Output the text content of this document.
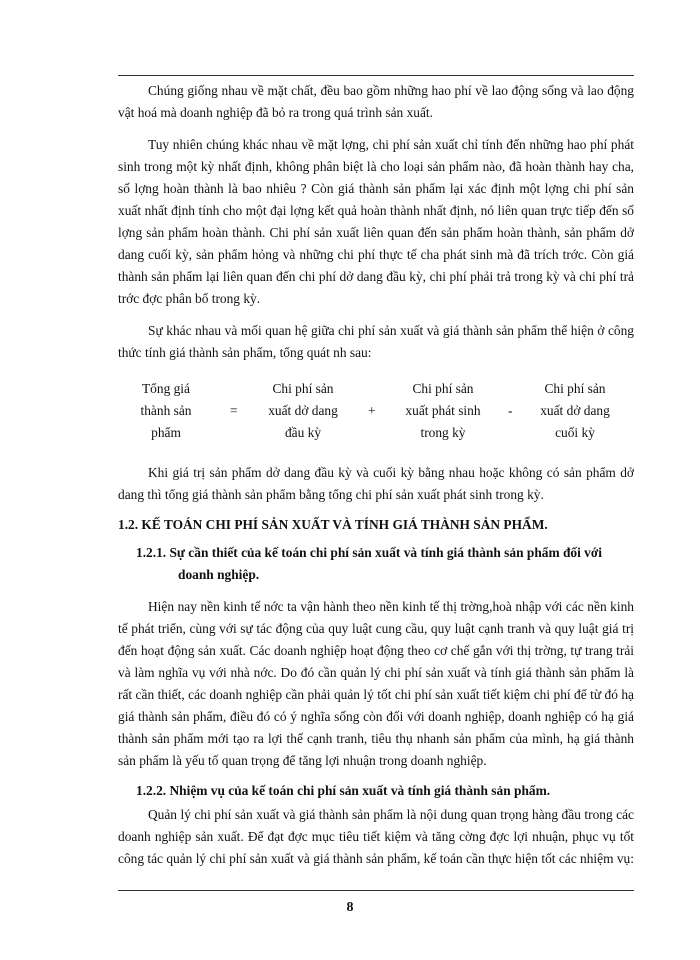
Chúng giống nhau về mặt chất, đều bao gồm những hao phí về lao động sống và lao động vật hoá mà doanh nghiệp đã bỏ ra trong quá trình sản xuất.

Tuy nhiên chúng khác nhau về mặt lợng, chi phí sản xuất chỉ tính đến những hao phí phát sinh trong một kỳ nhất định, không phân biệt là cho loại sản phẩm nào, đã hoàn thành hay cha, số lợng hoàn thành là bao nhiêu ? Còn giá thành sản phẩm lại xác định một lợng chi phí sản xuất nhất định tính cho một đại lợng kết quả hoàn thành nhất định, nó liên quan trực tiếp đến số lợng sản phẩm hoàn thành. Chi phí sản xuất liên quan đến sản phẩm hoàn thành, sản phẩm dở dang cuối kỳ, sản phẩm hỏng và những chi phí thực tế cha phát sinh mà đã trích trớc. Còn giá thành sản phẩm lại liên quan đến chi phí dở dang đầu kỳ, chi phí phải trả trong kỳ và chi phí trả trớc đợc phân bổ trong kỳ.

Sự khác nhau và mối quan hệ giữa chi phí sản xuất và giá thành sản phẩm thể hiện ở công thức tính giá thành sản phẩm, tổng quát nh sau:

Tổng giá
thành sản
phẩm
=
Chi phí sản
xuất dở dang
đầu kỳ
+
Chi phí sản
xuất phát sinh
trong kỳ
-
Chi phí sản
xuất dở dang
cuối kỳ

Khi giá trị sản phẩm dở dang đầu kỳ và cuối kỳ bằng nhau hoặc không có sản phẩm dở dang thì tổng giá thành sản phẩm bằng tổng chi phí sản xuất phát sinh trong kỳ.

1.2. KẾ TOÁN CHI PHÍ SẢN XUẤT VÀ TÍNH GIÁ THÀNH SẢN PHẨM.

1.2.1. Sự cần thiết của kế toán chi phí sản xuất và tính giá thành sản phẩm đối với doanh nghiệp.

Hiện nay nền kinh tế nớc ta vận hành theo nền kinh tế thị trờng,hoà nhập với các nền kinh tế phát triển, cùng với sự tác động của quy luật cung cầu, quy luật cạnh tranh và quy luật giá trị đến hoạt động sản xuất. Các doanh nghiệp hoạt động theo cơ chế gắn với thị trờng, tự trang trải và làm nghĩa vụ với nhà nớc. Do đó cần quản lý chi phí sản xuất và tính giá thành sản phẩm là rất cần thiết, các doanh nghiệp cần phải quản lý tốt chi phí sản xuất tiết kiệm chi phí để từ đó hạ giá thành sản phẩm, điều đó có ý nghĩa sống còn đối với doanh nghiệp, doanh nghiệp có hạ giá thành sản phẩm mới tạo ra lợi thế cạnh tranh, tiêu thụ nhanh sản phẩm của mình, hạ giá thành sản phẩm là yếu tố quan trọng để tăng lợi nhuận trong doanh nghiệp.

1.2.2. Nhiệm vụ của kế toán chi phí sản xuất và tính giá thành sản phẩm.

Quản lý chi phí sản xuất và giá thành sản phẩm là nội dung quan trọng hàng đầu trong các doanh nghiệp sản xuất. Để đạt đợc mục tiêu tiết kiệm và tăng cờng đợc lợi nhuận, phục vụ tốt công tác quản lý chi phí sản xuất và giá thành sản phẩm, kế toán cần thực hiện tốt các nhiệm vụ:

8
